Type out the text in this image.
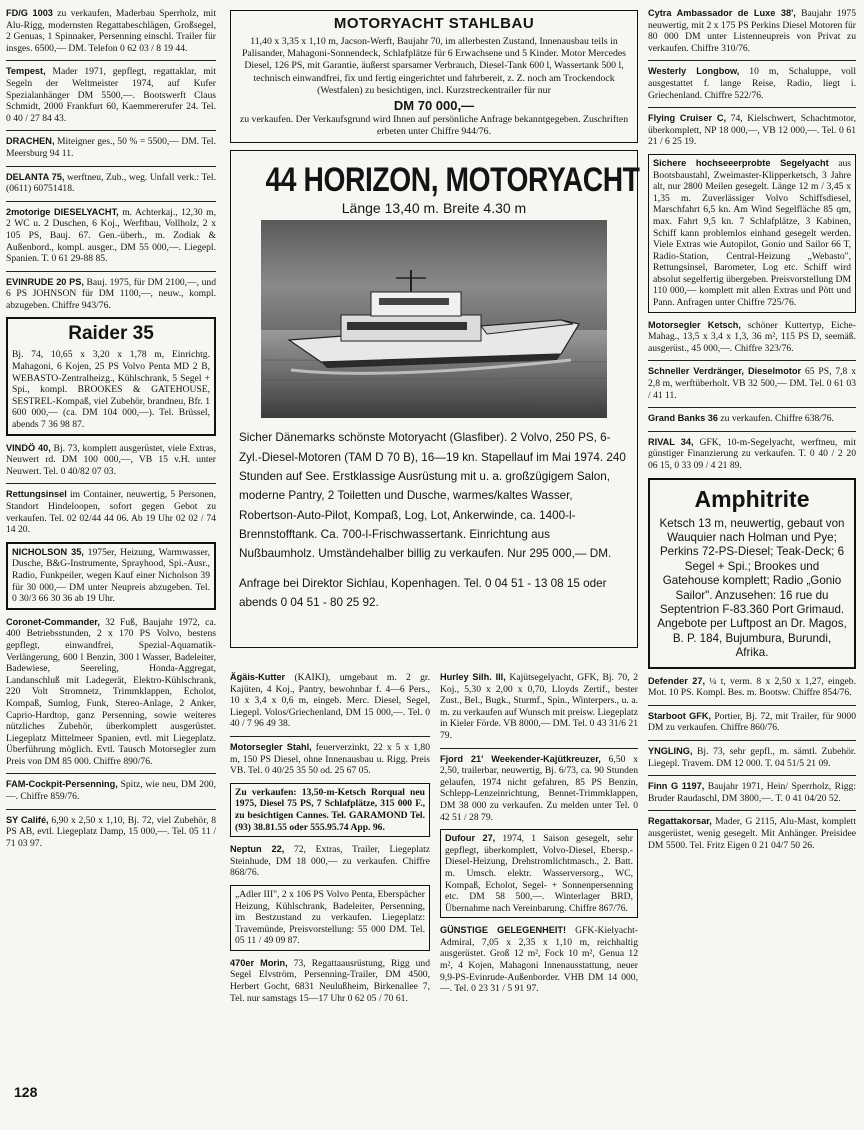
FD/G 1003 zu verkaufen, Maderbau Sperrholz, mit Alu-Rigg, modernsten Regattabeschlägen, Großsegel, 2 Genuas, 1 Spinnaker, Persenning einschl. Trailer für insges. 6500,— DM. Telefon 0 62 03 / 8 19 44.
Tempest, Mader 1971, gepflegt, regattaklar, mit Segeln der Weltmeister 1974, auf Kufer Spezialanhänger DM 5500,—. Bootswerft Claus Schmidt, 2000 Frankfurt 60, Kaemmererufer 24. Tel. 0 40 / 27 84 43.
DRACHEN, Miteigner ges., 50 % = 5500,— DM. Tel. Meersburg 94 11.
DELANTA 75, werftneu, Zub., weg. Unfall verk.: Tel. (0611) 60751418.
2motorige DIESELYACHT, m. Achterkaj., 12,30 m, 2 WC u. 2 Duschen, 6 Koj., Werftbau, Vollholz, 2 x 105 PS, Bauj. 67. Gen.-überh., m. Zodiak & Außenbord., kompl. ausger., DM 55 000,—. Liegepl. Spanien. T. 0 61 29-88 85.
EVINRUDE 20 PS, Bauj. 1975, für DM 2100,—, und 6 PS JOHNSON für DM 1100,—, neuw., kompl. abzugeben. Chiffre 943/76.
Raider 35
Bj. 74, 10,65 x 3,20 x 1,78 m, Einrichtg. Mahagoni, 6 Kojen, 25 PS Volvo Penta MD 2 B, WEBASTO-Zentralheizg., Kühlschrank, 5 Segel + Spi., kompl. BROOKES & GATEHOUSE, SESTREL-Kompaß, viel Zubehör, brandneu, Bfr. 1 600 000,— (ca. DM 104 000,—). Tel. Brüssel, abends 7 36 98 87.
VINDÖ 40, Bj. 73, komplett ausgerüstet, viele Extras, Neuwert rd. DM 100 000,—, VB 15 v.H. unter Neuwert. Tel. 0 40/82 07 03.
Rettungsinsel im Container, neuwertig, 5 Personen, Standort Hindeloopen, sofort gegen Gebot zu verkaufen. Tel. 02 02/44 44 06. Ab 19 Uhr 02 02 / 74 14 20.
NICHOLSON 35, 1975er, Heizung, Warmwasser, Dusche, B&G-Instrumente, Sprayhood, Spi.-Ausr., Radio, Funkpeiler, wegen Kauf einer Nicholson 39 für 30 000,— DM unter Neupreis abzugeben. Tel. 0 30/3 66 30 36 ab 19 Uhr.
Coronet-Commander, 32 Fuß, Baujahr 1972, ca. 400 Betriebsstunden, 2 x 170 PS Volvo, bestens gepflegt, einwandfrei, Spezial-Aquamatik-Verlängerung, 600 l Benzin, 300 l Wasser, Badeleiter, Badewiese, Seereling, Honda-Aggregat, Landanschluß mit Ladegerät, Elektro-Kühlschrank, 220 Volt Stromnetz, Trimmklappen, Echolot, Kompaß, Sumlog, Funk, Stereo-Anlage, 2 Anker, Caprio-Hardtop, ganz Persenning, sowie weiteres nützliches Zubehör, überkomplett ausgerüstet. Liegeplatz Mittelmeer Spanien, evtl. mit Liegeplatz. Überführung möglich. Evtl. Tausch Motorsegler zum Preis von DM 85 000. Chiffre 890/76.
FAM-Cockpit-Persenning, Spitz, wie neu, DM 200,—. Chiffre 859/76.
SY Califé, 6,90 x 2,50 x 1,10, Bj. 72, viel Zubehör, 8 PS AB, evtl. Liegeplatz Damp, 15 000,—. Tel. 05 11 / 71 03 97.
MOTORYACHT STAHLBAU
11,40 x 3,35 x 1,10 m, Jacson-Werft, Baujahr 70, im allerbesten Zustand, Innenausbau teils in Palisander, Mahagoni-Sonnendeck, Schlafplätze für 6 Erwachsene und 5 Kinder. Motor Mercedes Diesel, 126 PS, mit Garantie, äußerst sparsamer Verbrauch, Diesel-Tank 600 l, Wassertank 500 l, technisch einwandfrei, fix und fertig eingerichtet und fahrbereit, z. Z. noch am Trockendock (Westfalen) zu besichtigen, incl. Kurzstreckentrailer für nur
DM 70 000,—
zu verkaufen. Der Verkaufsgrund wird Ihnen auf persönliche Anfrage bekanntgegeben. Zuschriften erbeten unter Chiffre 944/76.
44 HORIZON, MOTORYACHT
Länge 13,40 m. Breite 4.30 m
Sicher Dänemarks schönste Motoryacht (Glasfiber). 2 Volvo, 250 PS, 6-Zyl.-Diesel-Motoren (TAM D 70 B), 16—19 kn. Stapellauf im Mai 1974. 240 Stunden auf See. Erstklassige Ausrüstung mit u. a. großzügigem Salon, moderne Pantry, 2 Toiletten und Dusche, warmes/kaltes Wasser, Robertson-Auto-Pilot, Kompaß, Log, Lot, Ankerwinde, ca. 1400-l-Brennstofftank. Ca. 700-l-Frischwassertank. Einrichtung aus Nußbaumholz. Umständehalber billig zu verkaufen. Nur 295 000,— DM.
Anfrage bei Direktor Sichlau, Kopenhagen. Tel. 0 04 51 - 13 08 15 oder abends 0 04 51 - 80 25 92.
Ägäis-Kutter (KAIKI), umgebaut m. 2 gr. Kajüten, 4 Koj., Pantry, bewohnbar f. 4—6 Pers., 10 x 3,4 x 0,6 m, eingeb. Merc. Diesel, Segel, Liegepl. Volos/Griechenland, DM 15 000,—. Tel. 0 40 / 7 96 49 38.
Motorsegler Stahl, feuerverzinkt, 22 x 5 x 1,80 m, 150 PS Diesel, ohne Innenausbau u. Rigg. Preis VB. Tel. 0 40/25 35 50 od. 25 67 05.
Zu verkaufen: 13,50-m-Ketsch Rorqual neu 1975, Diesel 75 PS, 7 Schlafplätze, 315 000 F., zu besichtigen Cannes. Tel. GARAMOND Tel. (93) 38.81.55 oder 555.95.74 App. 96.
Neptun 22, 72, Extras, Trailer, Liegeplatz Steinhude, DM 18 000,— zu verkaufen. Chiffre 868/76.
„Adler III", 2 x 106 PS Volvo Penta, Eberspächer Heizung, Kühlschrank, Badeleiter, Persenning, im Bestzustand zu verkaufen. Liegeplatz: Travemünde, Preisvorstellung: 55 000 DM. Tel. 05 11 / 49 09 87.
470er Morin, 73, Regattaausrüstung, Rigg und Segel Elvström, Persenning-Trailer, DM 4500, Herbert Gocht, 6831 Neulußheim, Birkenallee 7, Tel. nur samstags 15—17 Uhr 0 62 05 / 70 61.
Hurley Silh. III, Kajütsegelyacht, GFK, Bj. 70, 2 Koj., 5,30 x 2,00 x 0,70, Lloyds Zertif., bester Zust., Bel., Bugk., Sturmf., Spin., Winterpers., u. a. m. zu verkaufen auf Wunsch mit preisw. Liegeplatz in Kieler Förde. VB 8000,— DM. Tel. 0 43 31/6 21 79.
Fjord 21' Weekender-Kajütkreuzer, 6,50 x 2,50, trailerbar, neuwertig, Bj. 6/73, ca. 90 Stunden gelaufen, 1974 nicht gefahren, 85 PS Benzin, Schlepp-Lenzeinrichtung, Bennet-Trimmklappen, DM 38 000 zu verkaufen. Zu melden unter Tel. 0 42 51 / 28 79.
Dufour 27, 1974, 1 Saison gesegelt, sehr gepflegt, überkomplett, Volvo-Diesel, Ebersp.-Diesel-Heizung, Drehstromlichtmasch., 2. Batt. m. Umsch. elektr. Wasserversorg., WC, Kompaß, Echolot, Segel- + Sonnenpersenning etc. DM 58 500,—. Winterlager BRD, Übernahme nach Vereinbarung. Chiffre 867/76.
GÜNSTIGE GELEGENHEIT! GFK-Kielyacht-Admiral, 7,05 x 2,35 x 1,10 m, reichhaltig ausgerüstet. Groß 12 m², Fock 10 m², Genua 12 m², 4 Kojen, Mahagoni Innenausstattung, neuer 9,9-PS-Evinrude-Außenborder. VHB DM 14 000,—. Tel. 0 23 31 / 5 91 97.
Cytra Ambassador de Luxe 38', Baujahr 1975 neuwertig, mit 2 x 175 PS Perkins Diesel Motoren für 80 000 DM unter Listenneupreis von Privat zu verkaufen. Chiffre 310/76.
Westerly Longbow, 10 m, Schaluppe, voll ausgestattet f. lange Reise, Radio, liegt i. Griechenland. Chiffre 522/76.
Flying Cruiser C, 74, Kielschwert, Schachtmotor, überkomplett, NP 18 000,—, VB 12 000,—. Tel. 0 61 21 / 6 25 19.
Sichere hochseeerprobte Segelyacht aus Bootsbaustahl, Zweimaster-Klipperketsch, 3 Jahre alt, nur 2800 Meilen gesegelt. Länge 12 m / 3,45 x 1,35 m. Zuverlässiger Volvo Schiffsdiesel, Marschfahrt 6,5 kn. Am Wind Segelfläche 85 qm, max. Fahrt 9,5 kn. 7 Schlafplätze, 3 Kabinen, Schiff kann problemlos einhand gesegelt werden. Viele Extras wie Autopilot, Gonio und Sailor 66 T, Radio-Station, Central-Heizung „Webasto", Rettungsinsel, Barometer, Log etc. Schiff wird absolut segelfertig übergeben. Preisvorstellung DM 110 000,— komplett mit allen Extras und Pött und Pann. Anfragen unter Chiffre 725/76.
Motorsegler Ketsch, schöner Kuttertyp, Eiche-Mahag., 13,5 x 3,4 x 1,3, 36 m², 115 PS D, seemäß. ausgerüst., 45 000,—. Chiffre 323/76.
Schneller Verdränger, Dieselmotor 65 PS, 7,8 x 2,8 m, werftüberholt. VB 32 500,— DM. Tel. 0 61 03 / 41 11.
Grand Banks 36 zu verkaufen. Chiffre 638/76.
RIVAL 34, GFK, 10-m-Segelyacht, werftneu, mit günstiger Finanzierung zu verkaufen. T. 0 40 / 2 20 06 15, 0 33 09 / 4 21 89.
Amphitrite
Ketsch 13 m, neuwertig, gebaut von Wauquier nach Holman und Pye; Perkins 72-PS-Diesel; Teak-Deck; 6 Segel + Spi.; Brookes und Gatehouse komplett; Radio „Gonio Sailor". Anzusehen: 16 rue du Septentrion F-83.360 Port Grimaud. Angebote per Luftpost an Dr. Magos, B. P. 184, Bujumbura, Burundi, Afrika.
Defender 27, ¼ t, verm. 8 x 2,50 x 1,27, eingeb. Mot. 10 PS. Kompl. Bes. m. Bootsw. Chiffre 854/76.
Starboot GFK, Portier, Bj. 72, mit Trailer, für 9000 DM zu verkaufen. Chiffre 860/76.
YNGLING, Bj. 73, sehr gepfl., m. sämtl. Zubehör. Liegepl. Travem. DM 12 000. T. 04 51/5 21 09.
Finn G 1197, Baujahr 1971, Hein/ Sperrholz, Rigg: Bruder Raudaschl, DM 3800,—. T. 0 41 04/20 52.
Regattakorsar, Mader, G 2115, Alu-Mast, komplett ausgerüstet, wenig gesegelt. Mit Anhänger. Preisidee DM 5500. Tel. Fritz Eigen 0 21 04/7 50 26.
128
